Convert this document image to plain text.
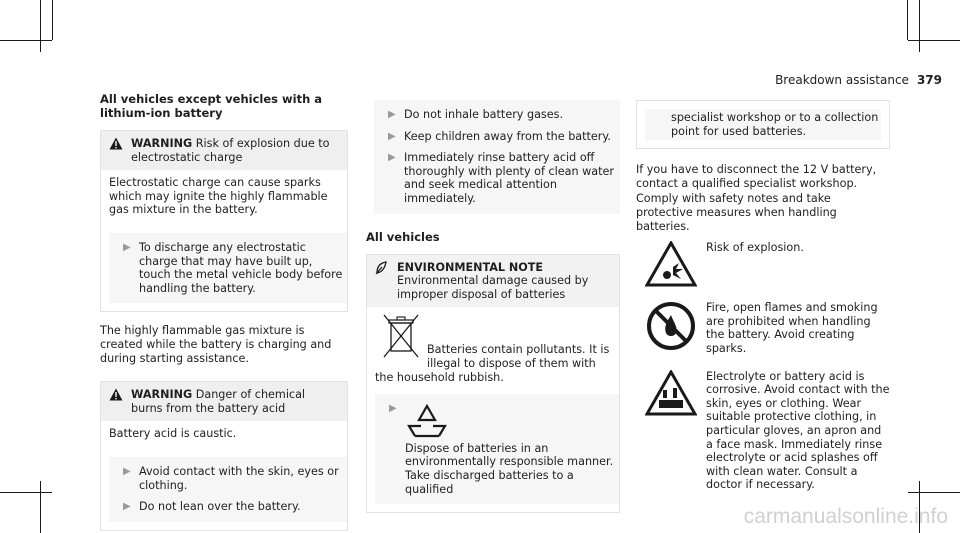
Breakdown assistance 379
All vehicles except vehicles with a lithium-ion battery
WARNING Risk of explosion due to electrostatic charge
Electrostatic charge can cause sparks which may ignite the highly flammable gas mixture in the battery.
▶ To discharge any electrostatic charge that may have built up, touch the metal vehicle body before handling the battery.

The highly flammable gas mixture is created while the battery is charging and during starting assistance.

WARNING Danger of chemical burns from the battery acid
Battery acid is caustic.
▶ Avoid contact with the skin, eyes or clothing.
▶ Do not lean over the battery.
▶ Do not inhale battery gases.
▶ Keep children away from the battery.
▶ Immediately rinse battery acid off thoroughly with plenty of clean water and seek medical attention immediately.
All vehicles
ENVIRONMENTAL NOTE Environmental damage caused by improper disposal of batteries
Batteries contain pollutants. It is illegal to dispose of them with the household rubbish.
▶
Dispose of batteries in an environmentally responsible manner. Take discharged batteries to a qualified
specialist workshop or to a collection point for used batteries.

If you have to disconnect the 12 V battery, contact a qualified specialist workshop.

Comply with safety notes and take protective measures when handling batteries.

Risk of explosion.
Fire, open flames and smoking are prohibited when handling the battery. Avoid creating sparks.
Electrolyte or battery acid is corrosive. Avoid contact with the skin, eyes or clothing. Wear suitable protective clothing, in particular gloves, an apron and a face mask. Immediately rinse electrolyte or acid splashes off with clean water. Consult a doctor if necessary.
carmanualsonline.info
